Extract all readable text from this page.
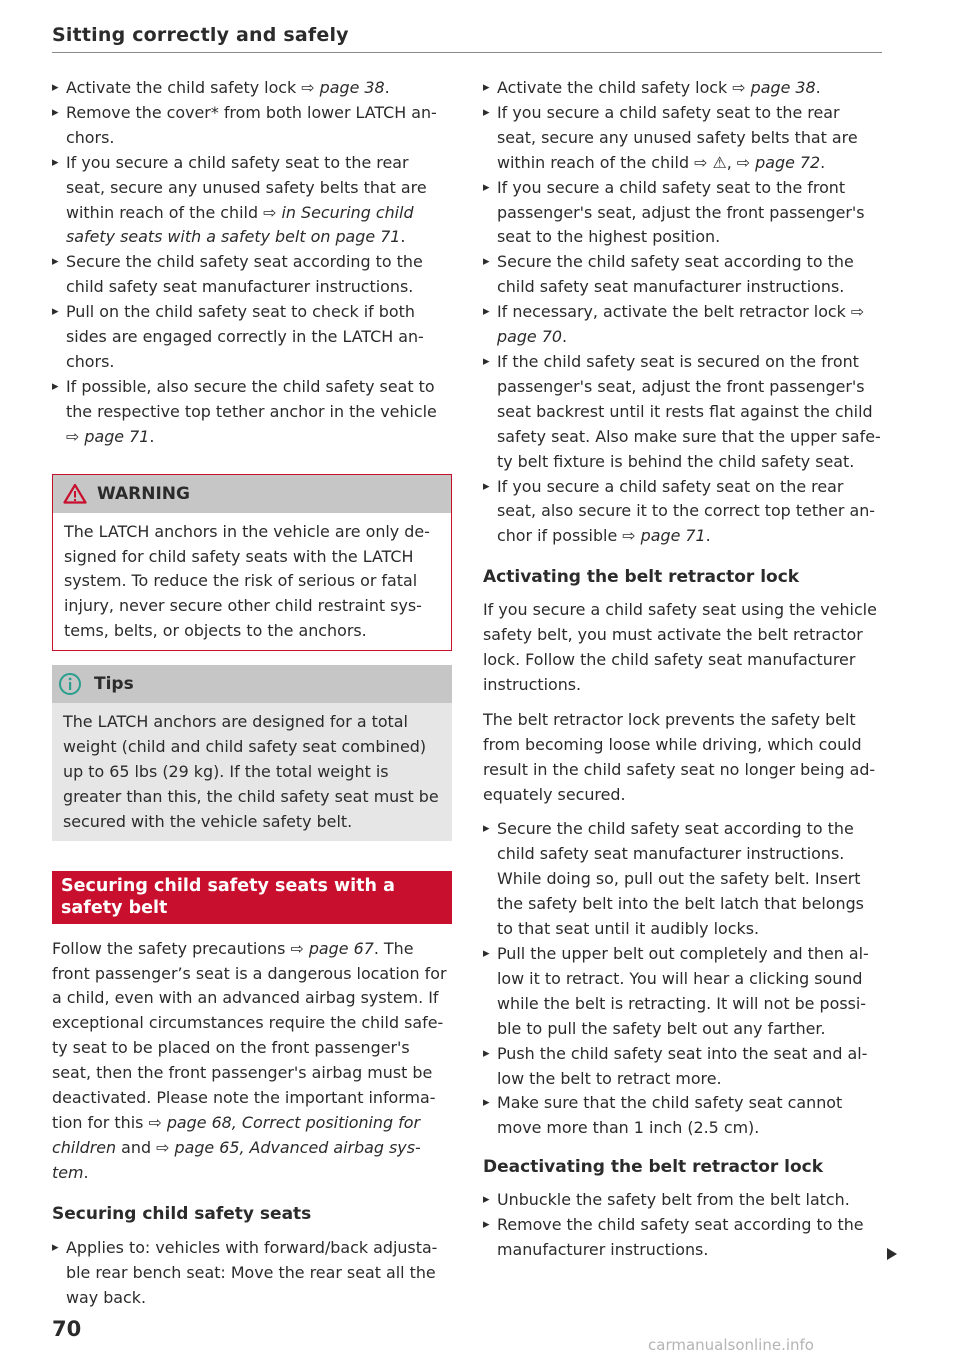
Sitting correctly and safely
▸ Activate the child safety lock ⇨ page 38.
▸ Remove the cover* from both lower LATCH an-chors.
▸ If you secure a child safety seat to the rear seat, secure any unused safety belts that are within reach of the child ⇨ in Securing child safety seats with a safety belt on page 71.
▸ Secure the child safety seat according to the child safety seat manufacturer instructions.
▸ Pull on the child safety seat to check if both sides are engaged correctly in the LATCH an-chors.
▸ If possible, also secure the child safety seat to the respective top tether anchor in the vehicle ⇨ page 71.
WARNING
The LATCH anchors in the vehicle are only de-signed for child safety seats with the LATCH system. To reduce the risk of serious or fatal injury, never secure other child restraint sys-tems, belts, or objects to the anchors.
Tips
The LATCH anchors are designed for a total weight (child and child safety seat combined) up to 65 lbs (29 kg). If the total weight is greater than this, the child safety seat must be secured with the vehicle safety belt.
Securing child safety seats with a safety belt

Follow the safety precautions ⇨ page 67. The front passenger’s seat is a dangerous location for a child, even with an advanced airbag system. If exceptional circumstances require the child safe-ty seat to be placed on the front passenger's seat, then the front passenger's airbag must be deactivated. Please note the important informa-tion for this ⇨ page 68, Correct positioning for children and ⇨ page 65, Advanced airbag sys-tem.

Securing child safety seats

▸ Applies to: vehicles with forward/back adjusta-ble rear bench seat: Move the rear seat all the way back.
▸ Activate the child safety lock ⇨ page 38.
▸ If you secure a child safety seat to the rear seat, secure any unused safety belts that are within reach of the child ⇨ ⚠, ⇨ page 72.
▸ If you secure a child safety seat to the front passenger's seat, adjust the front passenger's seat to the highest position.
▸ Secure the child safety seat according to the child safety seat manufacturer instructions.
▸ If necessary, activate the belt retractor lock ⇨ page 70.
▸ If the child safety seat is secured on the front passenger's seat, adjust the front passenger's seat backrest until it rests flat against the child safety seat. Also make sure that the upper safe-ty belt fixture is behind the child safety seat.
▸ If you secure a child safety seat on the rear seat, also secure it to the correct top tether an-chor if possible ⇨ page 71.

Activating the belt retractor lock

If you secure a child safety seat using the vehicle safety belt, you must activate the belt retractor lock. Follow the child safety seat manufacturer instructions.

The belt retractor lock prevents the safety belt from becoming loose while driving, which could result in the child safety seat no longer being ad-equately secured.

▸ Secure the child safety seat according to the child safety seat manufacturer instructions. While doing so, pull out the safety belt. Insert the safety belt into the belt latch that belongs to that seat until it audibly locks.
▸ Pull the upper belt out completely and then al-low it to retract. You will hear a clicking sound while the belt is retracting. It will not be possi-ble to pull the safety belt out any farther.
▸ Push the child safety seat into the seat and al-low the belt to retract more.
▸ Make sure that the child safety seat cannot move more than 1 inch (2.5 cm).

Deactivating the belt retractor lock

▸ Unbuckle the safety belt from the belt latch.
▸ Remove the child safety seat according to the manufacturer instructions.
70
carmanualsonline.info
